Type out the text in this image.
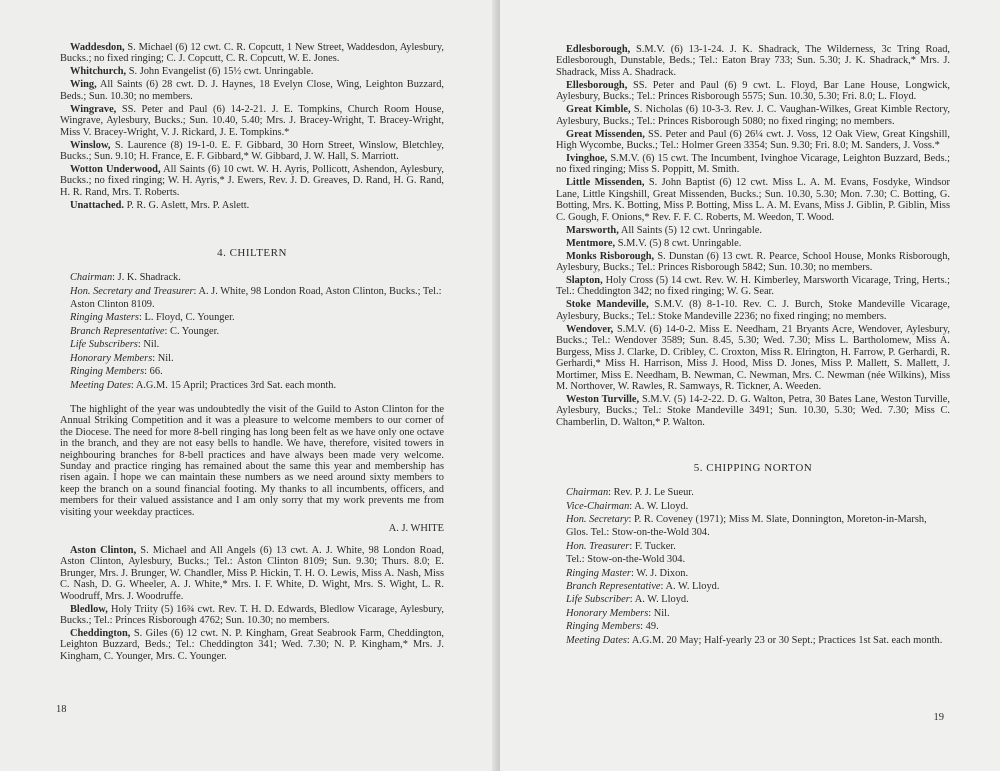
Waddesdon, S. Michael (6) 12 cwt. C. R. Copcutt, 1 New Street, Waddesdon, Aylesbury, Bucks.; no fixed ringing; C. J. Copcutt, C. R. Copcutt, W. E. Jones.

Whitchurch, S. John Evangelist (6) 15½ cwt. Unringable.

Wing, All Saints (6) 28 cwt. D. J. Haynes, 18 Evelyn Close, Wing, Leighton Buzzard, Beds.; Sun. 10.30; no members.

Wingrave, SS. Peter and Paul (6) 14-2-21. J. E. Tompkins, Church Room House, Wingrave, Aylesbury, Bucks.; Sun. 10.40, 5.40; Mrs. J. Bracey-Wright, T. Bracey-Wright, Miss V. Bracey-Wright, V. J. Rickard, J. E. Tompkins.*

Winslow, S. Laurence (8) 19-1-0. E. F. Gibbard, 30 Horn Street, Winslow, Bletchley, Bucks.; Sun. 9.10; H. France, E. F. Gibbard,* W. Gibbard, J. W. Hall, S. Marriott.

Wotton Underwood, All Saints (6) 10 cwt. W. H. Ayris, Pollicott, Ashendon, Aylesbury, Bucks.; no fixed ringing; W. H. Ayris,* J. Ewers, Rev. J. D. Greaves, D. Rand, H. G. Rand, H. R. Rand, Mrs. T. Roberts.

Unattached. P. R. G. Aslett, Mrs. P. Aslett.

4. CHILTERN
Chairman: J. K. Shadrack.
Hon. Secretary and Treasurer: A. J. White, 98 London Road, Aston Clinton, Bucks.; Tel.: Aston Clinton 8109.
Ringing Masters: L. Floyd, C. Younger.
Branch Representative: C. Younger.
Life Subscribers: Nil.
Honorary Members: Nil.
Ringing Members: 66.
Meeting Dates: A.G.M. 15 April; Practices 3rd Sat. each month.

The highlight of the year was undoubtedly the visit of the Guild to Aston Clinton for the Annual Striking Competition and it was a pleasure to welcome members to our corner of the Diocese. The need for more 8-bell ringing has long been felt as we have only one octave in the branch, and they are not easy bells to handle. We have, therefore, visited towers in neighbouring branches for 8-bell practices and have always been made very welcome. Sunday and practice ringing has remained about the same this year and membership has risen again. I hope we can maintain these numbers as we need around sixty members to keep the branch on a sound financial footing. My thanks to all incumbents, officers, and members for their valued assistance and I am only sorry that my work prevents me from visiting your weekday practices.

A. J. WHITE

Aston Clinton, S. Michael and All Angels (6) 13 cwt. A. J. White, 98 London Road, Aston Clinton, Aylesbury, Bucks.; Tel.: Aston Clinton 8109; Sun. 9.30; Thurs. 8.0; E. Brunger, Mrs. J. Brunger, W. Chandler, Miss P. Hickin, T. H. O. Lewis, Miss A. Nash, Miss C. Nash, D. G. Wheeler, A. J. White,* Mrs. I. F. White, D. Wight, Mrs. S. Wight, L. R. Woodruff, Mrs. J. Woodruffe.

Bledlow, Holy Triity (5) 16¾ cwt. Rev. T. H. D. Edwards, Bledlow Vicarage, Aylesbury, Bucks.; Tel.: Princes Risborough 4762; Sun. 10.30; no members.

Cheddington, S. Giles (6) 12 cwt. N. P. Kingham, Great Seabrook Farm, Cheddington, Leighton Buzzard, Beds.; Tel.: Cheddington 341; Wed. 7.30; N. P. Kingham,* Mrs. J. Kingham, C. Younger, Mrs. C. Younger.

18

Edlesborough, S.M.V. (6) 13-1-24. J. K. Shadrack, The Wilderness, 3c Tring Road, Edlesborough, Dunstable, Beds.; Tel.: Eaton Bray 733; Sun. 5.30; J. K. Shadrack,* Mrs. J. Shadrack, Miss A. Shadrack.

Ellesborough, SS. Peter and Paul (6) 9 cwt. L. Floyd, Bar Lane House, Longwick, Aylesbury, Bucks.; Tel.: Princes Risborough 5575; Sun. 10.30, 5.30; Fri. 8.0; L. Floyd.

Great Kimble, S. Nicholas (6) 10-3-3. Rev. J. C. Vaughan-Wilkes, Great Kimble Rectory, Aylesbury, Bucks.; Tel.: Princes Risborough 5080; no fixed ringing; no members.

Great Missenden, SS. Peter and Paul (6) 26¼ cwt. J. Voss, 12 Oak View, Great Kingshill, High Wycombe, Bucks.; Tel.: Holmer Green 3354; Sun. 9.30; Fri. 8.0; M. Sanders, J. Voss.*

Ivinghoe, S.M.V. (6) 15 cwt. The Incumbent, Ivinghoe Vicarage, Leighton Buzzard, Beds.; no fixed ringing; Miss S. Poppitt, M. Smith.

Little Missenden, S. John Baptist (6) 12 cwt. Miss L. A. M. Evans, Fosdyke, Windsor Lane, Little Kingshill, Great Missenden, Bucks.; Sun. 10.30, 5.30; Mon. 7.30; C. Botting, G. Botting, Mrs. K. Botting, Miss P. Botting, Miss L. A. M. Evans, Miss J. Giblin, P. Giblin, Miss C. Gough, F. Onions,* Rev. F. F. C. Roberts, M. Weedon, T. Wood.

Marsworth, All Saints (5) 12 cwt. Unringable.

Mentmore, S.M.V. (5) 8 cwt. Unringable.

Monks Risborough, S. Dunstan (6) 13 cwt. R. Pearce, School House, Monks Risborough, Aylesbury, Bucks.; Tel.: Princes Risborough 5842; Sun. 10.30; no members.

Slapton, Holy Cross (5) 14 cwt. Rev. W. H. Kimberley, Marsworth Vicarage, Tring, Herts.; Tel.: Cheddington 342; no fixed ringing; W. G. Sear.

Stoke Mandeville, S.M.V. (8) 8-1-10. Rev. C. J. Burch, Stoke Mandeville Vicarage, Aylesbury, Bucks.; Tel.: Stoke Mandeville 2236; no fixed ringing; no members.

Wendover, S.M.V. (6) 14-0-2. Miss E. Needham, 21 Bryants Acre, Wendover, Aylesbury, Bucks.; Tel.: Wendover 3589; Sun. 8.45, 5.30; Wed. 7.30; Miss L. Bartholomew, Miss A. Burgess, Miss J. Clarke, D. Cribley, C. Croxton, Miss R. Elrington, H. Farrow, P. Gerhardi, R. Gerhardi,* Miss H. Harrison, Miss J. Hood, Miss D. Jones, Miss P. Mallett, S. Mallett, J. Mortimer, Miss E. Needham, B. Newman, C. Newman, Mrs. C. Newman (née Wilkins), Miss M. Northover, W. Rawles, R. Samways, R. Tickner, A. Weeden.

Weston Turville, S.M.V. (5) 14-2-22. D. G. Walton, Petra, 30 Bates Lane, Weston Turville, Aylesbury, Bucks.; Tel.: Stoke Mandeville 3491; Sun. 10.30, 5.30; Wed. 7.30; Miss C. Chamberlin, D. Walton,* P. Walton.

5. CHIPPING NORTON
Chairman: Rev. P. J. Le Sueur.
Vice-Chairman: A. W. Lloyd.
Hon. Secretary: P. R. Coveney (1971); Miss M. Slate, Donnington, Moreton-in-Marsh, Glos. Tel.: Stow-on-the-Wold 304.
Hon. Treasurer: F. Tucker.
Tel.: Stow-on-the-Wold 304.
Ringing Master: W. J. Dixon.
Branch Representative: A. W. Lloyd.
Life Subscriber: A. W. Lloyd.
Honorary Members: Nil.
Ringing Members: 49.
Meeting Dates: A.G.M. 20 May; Half-yearly 23 or 30 Sept.; Practices 1st Sat. each month.
19
